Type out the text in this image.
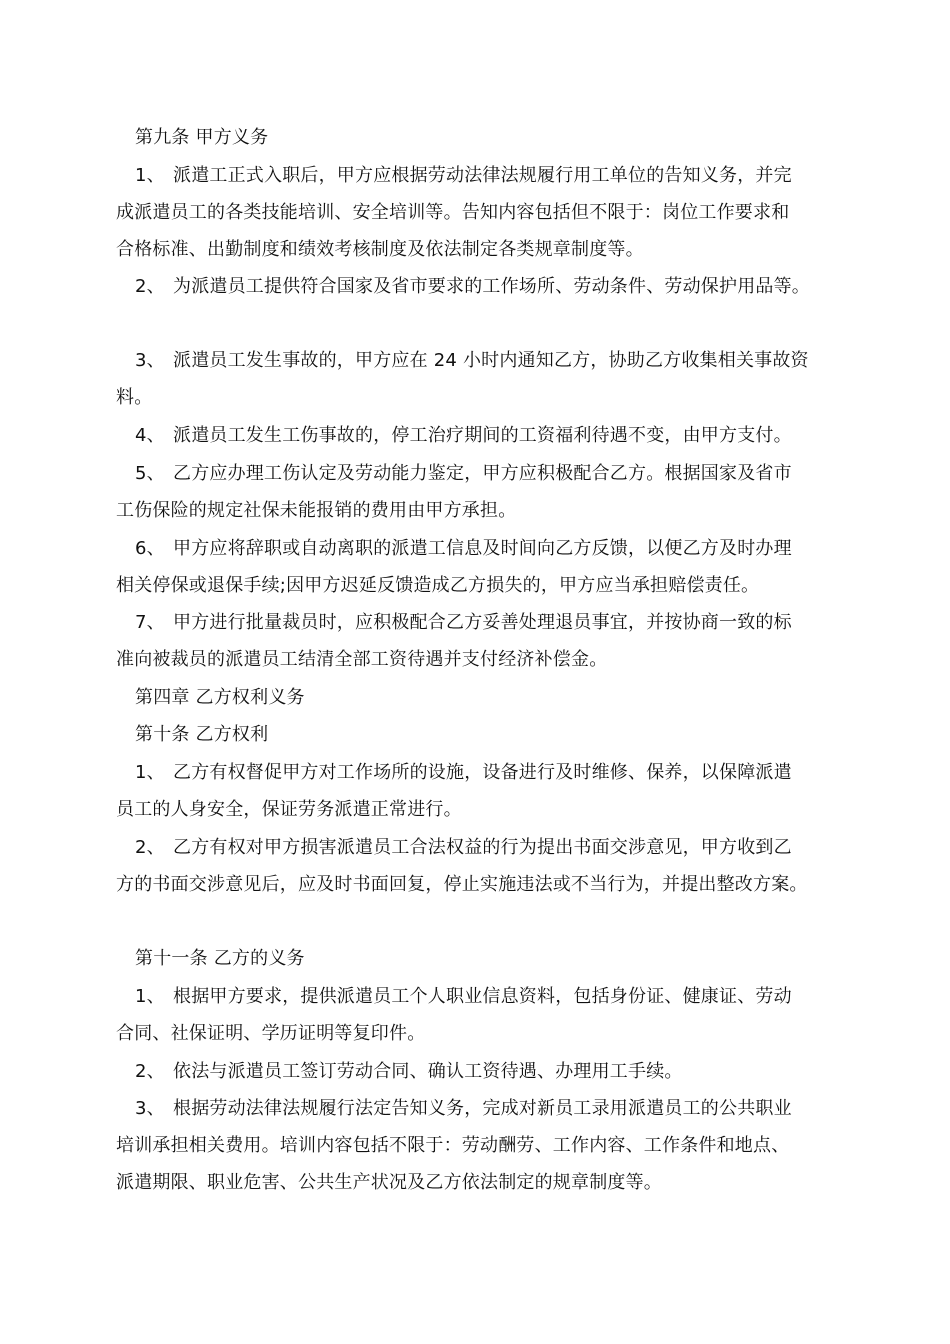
第九条 甲方义务
1、 派遣工正式入职后，甲方应根据劳动法律法规履行用工单位的告知义务，并完
成派遣员工的各类技能培训、安全培训等。告知内容包括但不限于：岗位工作要求和
合格标准、出勤制度和绩效考核制度及依法制定各类规章制度等。
2、 为派遣员工提供符合国家及省市要求的工作场所、劳动条件、劳动保护用品等。
3、 派遣员工发生事故的，甲方应在 24 小时内通知乙方，协助乙方收集相关事故资
料。
4、 派遣员工发生工伤事故的，停工治疗期间的工资福利待遇不变，由甲方支付。
5、 乙方应办理工伤认定及劳动能力鉴定，甲方应积极配合乙方。根据国家及省市
工伤保险的规定社保未能报销的费用由甲方承担。
6、 甲方应将辞职或自动离职的派遣工信息及时间向乙方反馈，以便乙方及时办理
相关停保或退保手续;因甲方迟延反馈造成乙方损失的，甲方应当承担赔偿责任。
7、 甲方进行批量裁员时，应积极配合乙方妥善处理退员事宜，并按协商一致的标
准向被裁员的派遣员工结清全部工资待遇并支付经济补偿金。
第四章 乙方权利义务
第十条 乙方权利
1、 乙方有权督促甲方对工作场所的设施，设备进行及时维修、保养，以保障派遣
员工的人身安全，保证劳务派遣正常进行。
2、 乙方有权对甲方损害派遣员工合法权益的行为提出书面交涉意见，甲方收到乙
方的书面交涉意见后，应及时书面回复，停止实施违法或不当行为，并提出整改方案。
第十一条 乙方的义务
1、 根据甲方要求，提供派遣员工个人职业信息资料，包括身份证、健康证、劳动
合同、社保证明、学历证明等复印件。
2、 依法与派遣员工签订劳动合同、确认工资待遇、办理用工手续。
3、 根据劳动法律法规履行法定告知义务，完成对新员工录用派遣员工的公共职业
培训承担相关费用。培训内容包括不限于：劳动酬劳、工作内容、工作条件和地点、
派遣期限、职业危害、公共生产状况及乙方依法制定的规章制度等。
